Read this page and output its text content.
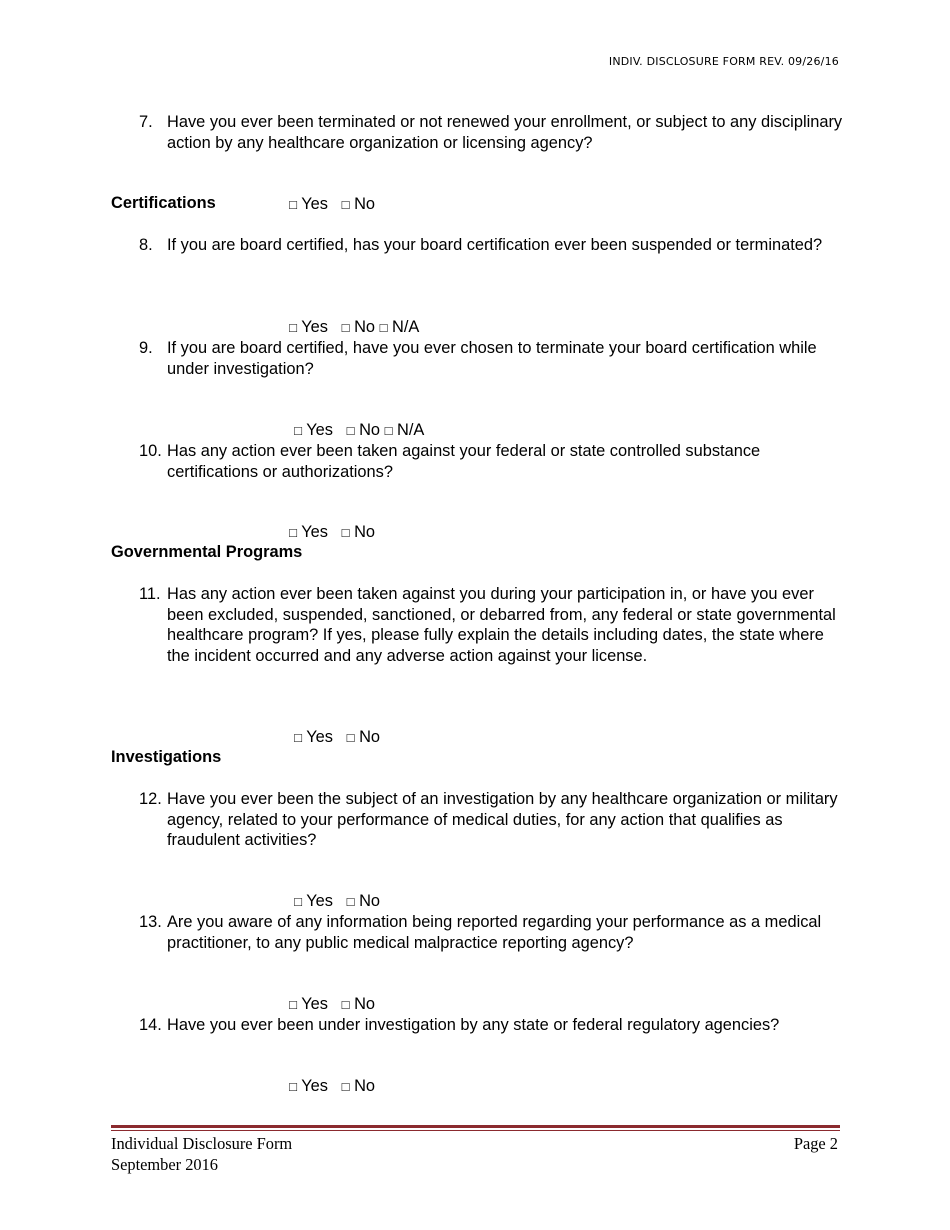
INDIV. DISCLOSURE FORM REV. 09/26/16
7. Have you ever been terminated or not renewed your enrollment, or subject to any disciplinary action by any healthcare organization or licensing agency?

□ Yes □ No

Certifications
8. If you are board certified, has your board certification ever been suspended or terminated?

□ Yes □ No □ N/A

9. If you are board certified, have you ever chosen to terminate your board certification while under investigation?

□ Yes □ No □ N/A

10. Has any action ever been taken against your federal or state controlled substance certifications or authorizations?

□ Yes □ No

Governmental Programs
11. Has any action ever been taken against you during your participation in, or have you ever been excluded, suspended, sanctioned, or debarred from, any federal or state governmental healthcare program? If yes, please fully explain the details including dates, the state where the incident occurred and any adverse action against your license.

□ Yes □ No

Investigations
12. Have you ever been the subject of an investigation by any healthcare organization or military agency, related to your performance of medical duties, for any action that qualifies as fraudulent activities?

□ Yes □ No

13. Are you aware of any information being reported regarding your performance as a medical practitioner, to any public medical malpractice reporting agency?

□ Yes □ No

14. Have you ever been under investigation by any state or federal regulatory agencies?

□ Yes □ No

Individual Disclosure Form
September 2016
Page 2
